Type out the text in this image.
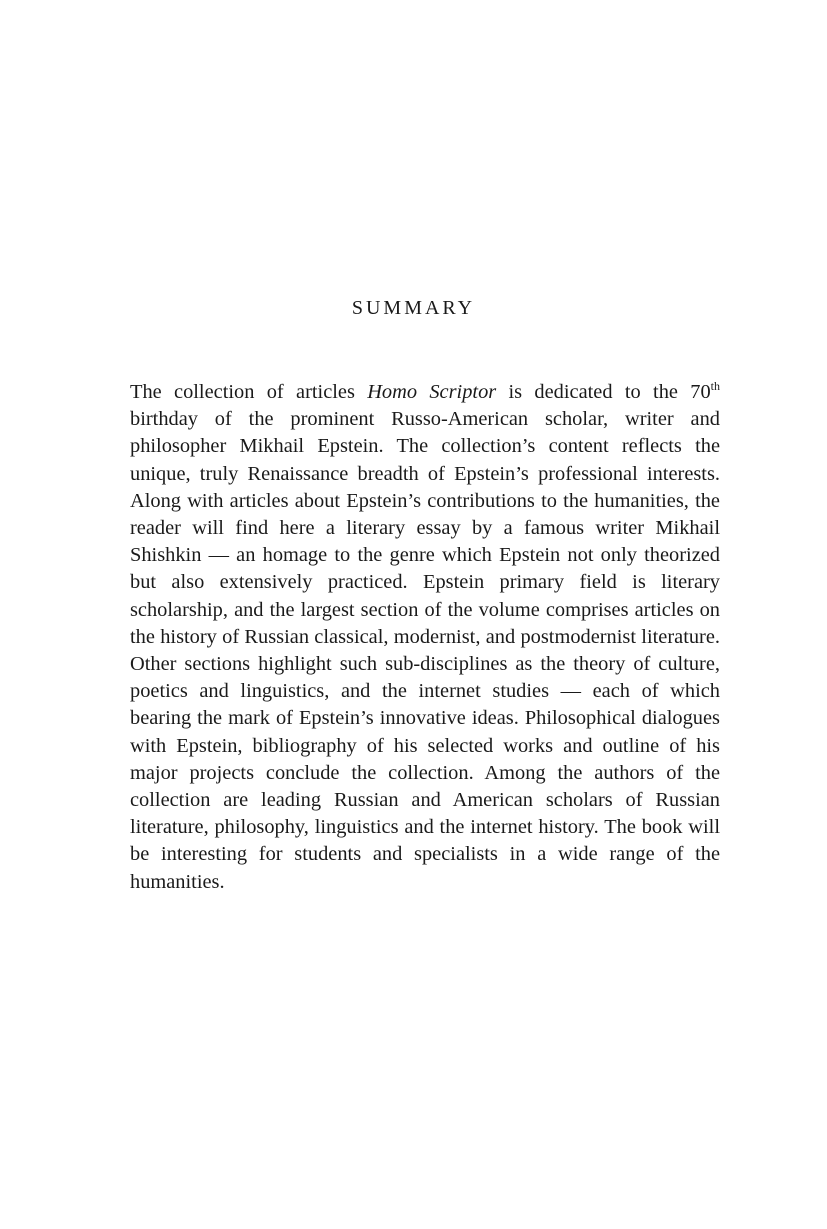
SUMMARY

The collection of articles Homo Scriptor is dedicated to the 70th birthday of the prominent Russo-American scholar, writer and philosopher Mikhail Epstein. The collection’s content reflects the unique, truly Renaissance breadth of Epstein’s professional interests. Along with articles about Epstein’s contributions to the humanities, the reader will find here a literary essay by a famous writer Mikhail Shishkin — an homage to the genre which Epstein not only theorized but also extensively practiced. Epstein primary field is literary scholarship, and the largest section of the volume comprises articles on the history of Russian classical, modernist, and postmodernist literature. Other sections highlight such sub-disciplines as the theory of culture, poetics and linguistics, and the internet studies — each of which bearing the mark of Epstein’s innovative ideas. Philosophical dialogues with Epstein, bibliography of his selected works and outline of his major projects conclude the collection. Among the authors of the collection are leading Russian and American scholars of Russian literature, philosophy, linguistics and the internet history. The book will be interesting for students and specialists in a wide range of the humanities.
